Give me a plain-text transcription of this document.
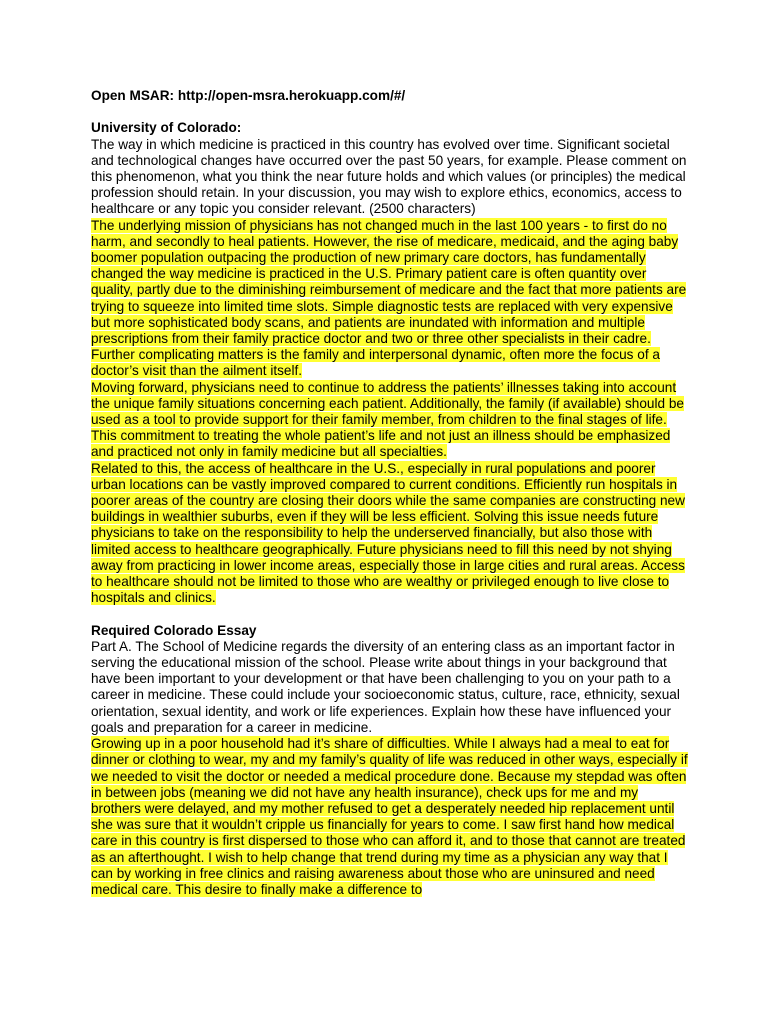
Open MSAR: http://open-msra.herokuapp.com/#/

University of Colorado:

The way in which medicine is practiced in this country has evolved over time. Significant societal and technological changes have occurred over the past 50 years, for example. Please comment on this phenomenon, what you think the near future holds and which values (or principles) the medical profession should retain. In your discussion, you may wish to explore ethics, economics, access to healthcare or any topic you consider relevant. (2500 characters)

The underlying mission of physicians has not changed much in the last 100 years - to first do no harm, and secondly to heal patients. However, the rise of medicare, medicaid, and the aging baby boomer population outpacing the production of new primary care doctors, has fundamentally changed the way medicine is practiced in the U.S. Primary patient care is often quantity over quality, partly due to the diminishing reimbursement of medicare and the fact that more patients are trying to squeeze into limited time slots. Simple diagnostic tests are replaced with very expensive but more sophisticated body scans, and patients are inundated with information and multiple prescriptions from their family practice doctor and two or three other specialists in their cadre. Further complicating matters is the family and interpersonal dynamic, often more the focus of a doctor’s visit than the ailment itself.

Moving forward, physicians need to continue to address the patients’ illnesses taking into account the unique family situations concerning each patient. Additionally, the family (if available) should be used as a tool to provide support for their family member, from children to the final stages of life. This commitment to treating the whole patient’s life and not just an illness should be emphasized and practiced not only in family medicine but all specialties.

Related to this, the access of healthcare in the U.S., especially in rural populations and poorer urban locations can be vastly improved compared to current conditions. Efficiently run hospitals in poorer areas of the country are closing their doors while the same companies are constructing new buildings in wealthier suburbs, even if they will be less efficient. Solving this issue needs future physicians to take on the responsibility to help the underserved financially, but also those with limited access to healthcare geographically. Future physicians need to fill this need by not shying away from practicing in lower income areas, especially those in large cities and rural areas. Access to healthcare should not be limited to those who are wealthy or privileged enough to live close to hospitals and clinics.

Required Colorado Essay

Part A. The School of Medicine regards the diversity of an entering class as an important factor in serving the educational mission of the school. Please write about things in your background that have been important to your development or that have been challenging to you on your path to a career in medicine. These could include your socioeconomic status, culture, race, ethnicity, sexual orientation, sexual identity, and work or life experiences. Explain how these have influenced your goals and preparation for a career in medicine.

Growing up in a poor household had it’s share of difficulties. While I always had a meal to eat for dinner or clothing to wear, my and my family’s quality of life was reduced in other ways, especially if we needed to visit the doctor or needed a medical procedure done. Because my stepdad was often in between jobs (meaning we did not have any health insurance), check ups for me and my brothers were delayed, and my mother refused to get a desperately needed hip replacement until she was sure that it wouldn’t cripple us financially for years to come. I saw first hand how medical care in this country is first dispersed to those who can afford it, and to those that cannot are treated as an afterthought. I wish to help change that trend during my time as a physician any way that I can by working in free clinics and raising awareness about those who are uninsured and need medical care. This desire to finally make a difference to
